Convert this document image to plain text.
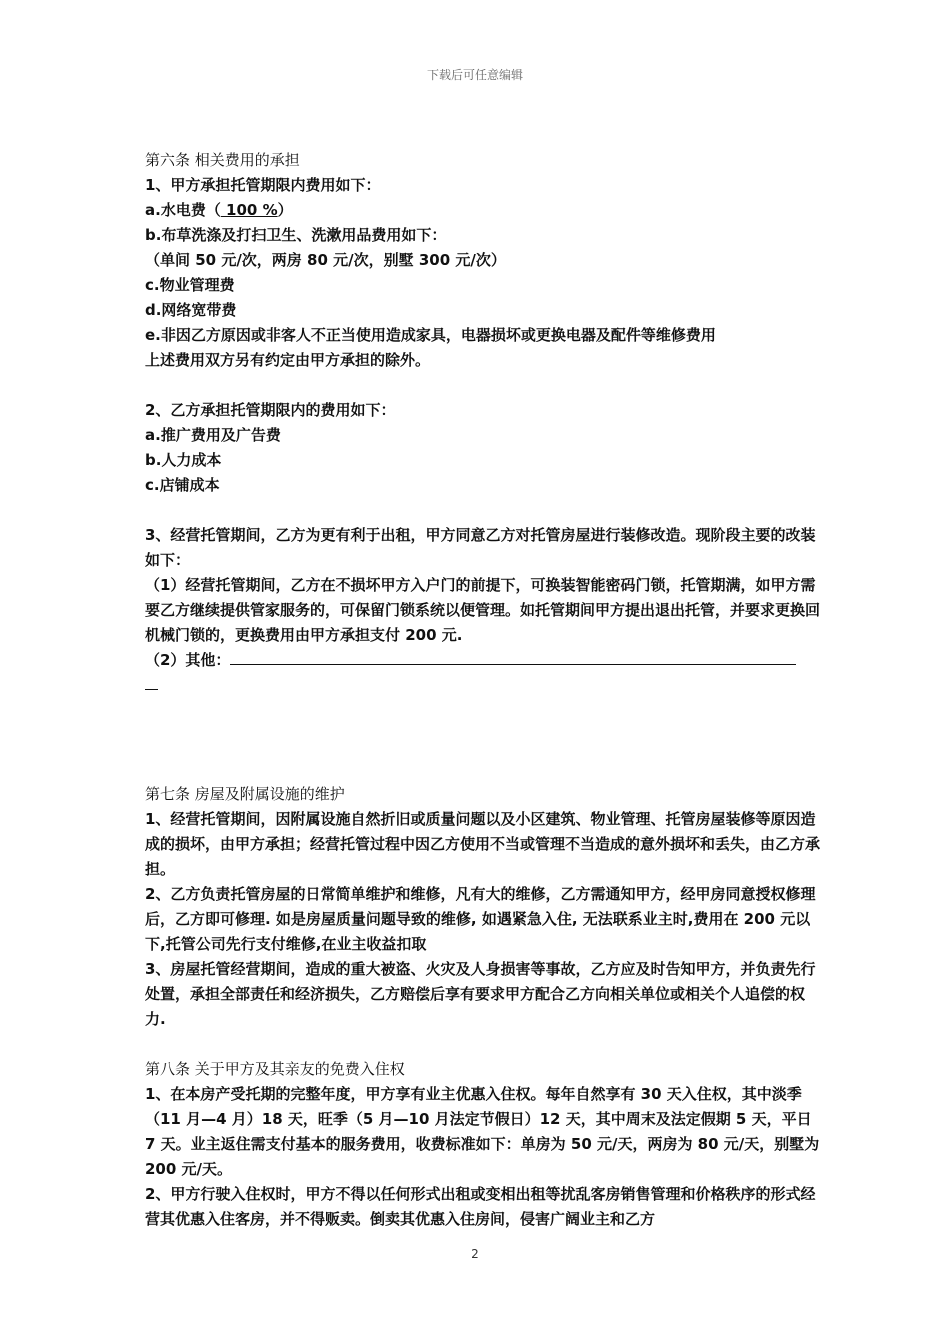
下载后可任意编辑
第六条 相关费用的承担
1、甲方承担托管期限内费用如下：
a.水电费（ 100 %）
b.布草洗涤及打扫卫生、洗漱用品费用如下：
（单间 50 元/次，两房 80 元/次，别墅 300 元/次）
c.物业管理费
d.网络宽带费
e.非因乙方原因或非客人不正当使用造成家具，电器损坏或更换电器及配件等维修费用
上述费用双方另有约定由甲方承担的除外。
2、乙方承担托管期限内的费用如下：
a.推广费用及广告费
b.人力成本
c.店铺成本
3、经营托管期间，乙方为更有利于出租，甲方同意乙方对托管房屋进行装修改造。现阶段主要的改装如下：
（1）经营托管期间，乙方在不损坏甲方入户门的前提下，可换装智能密码门锁，托管期满，如甲方需要乙方继续提供管家服务的，可保留门锁系统以便管理。如托管期间甲方提出退出托管，并要求更换回机械门锁的，更换费用由甲方承担支付 200 元.
（2）其他：
第七条 房屋及附属设施的维护
1、经营托管期间，因附属设施自然折旧或质量问题以及小区建筑、物业管理、托管房屋装修等原因造成的损坏，由甲方承担；经营托管过程中因乙方使用不当或管理不当造成的意外损坏和丢失，由乙方承担。
2、乙方负责托管房屋的日常简单维护和维修，凡有大的维修，乙方需通知甲方，经甲房同意授权修理后，乙方即可修理. 如是房屋质量问题导致的维修, 如遇紧急入住, 无法联系业主时,费用在 200 元以下,托管公司先行支付维修,在业主收益扣取
3、房屋托管经营期间，造成的重大被盗、火灾及人身损害等事故，乙方应及时告知甲方，并负责先行处置，承担全部责任和经济损失，乙方赔偿后享有要求甲方配合乙方向相关单位或相关个人追偿的权力.
第八条 关于甲方及其亲友的免费入住权
1、在本房产受托期的完整年度，甲方享有业主优惠入住权。每年自然享有 30 天入住权，其中淡季（11 月—4 月）18 天，旺季（5 月—10 月法定节假日）12 天，其中周末及法定假期 5 天，平日 7 天。业主返住需支付基本的服务费用，收费标准如下：单房为 50 元/天，两房为 80 元/天，别墅为 200 元/天。
2、甲方行驶入住权时，甲方不得以任何形式出租或变相出租等扰乱客房销售管理和价格秩序的形式经营其优惠入住客房，并不得贩卖。倒卖其优惠入住房间，侵害广阔业主和乙方
2
